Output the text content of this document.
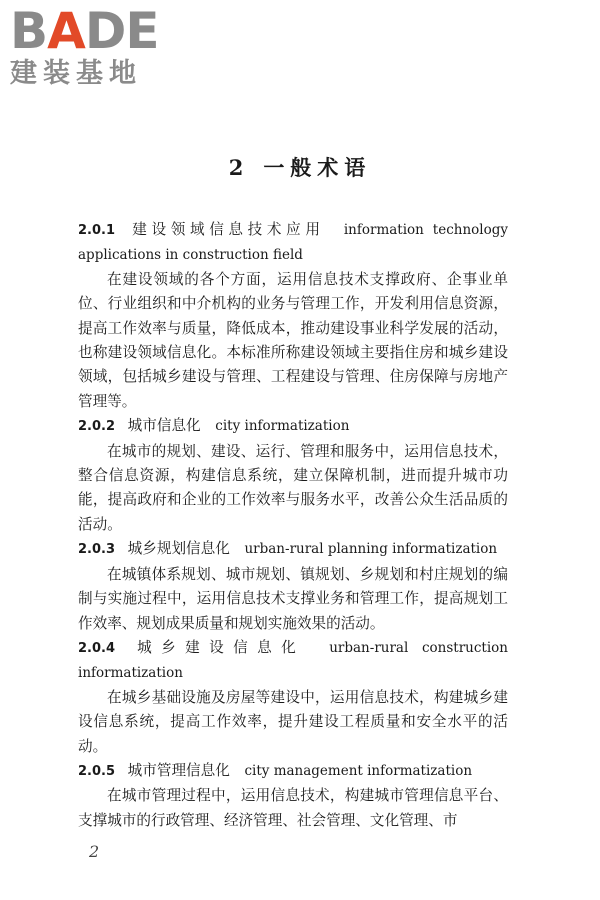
BADE
建装基地
2 一般术语

2.0.1 建设领域信息技术应用 information technology applications in construction field

在建设领域的各个方面，运用信息技术支撑政府、企事业单位、行业组织和中介机构的业务与管理工作，开发利用信息资源，提高工作效率与质量，降低成本，推动建设事业科学发展的活动，也称建设领域信息化。本标准所称建设领域主要指住房和城乡建设领域，包括城乡建设与管理、工程建设与管理、住房保障与房地产管理等。

2.0.2 城市信息化 city informatization

在城市的规划、建设、运行、管理和服务中，运用信息技术，整合信息资源，构建信息系统，建立保障机制，进而提升城市功能，提高政府和企业的工作效率与服务水平，改善公众生活品质的活动。

2.0.3 城乡规划信息化 urban-rural planning informatization

在城镇体系规划、城市规划、镇规划、乡规划和村庄规划的编制与实施过程中，运用信息技术支撑业务和管理工作，提高规划工作效率、规划成果质量和规划实施效果的活动。

2.0.4 城乡建设信息化 urban-rural construction informatization

在城乡基础设施及房屋等建设中，运用信息技术，构建城乡建设信息系统，提高工作效率，提升建设工程质量和安全水平的活动。

2.0.5 城市管理信息化 city management informatization

在城市管理过程中，运用信息技术，构建城市管理信息平台、支撑城市的行政管理、经济管理、社会管理、文化管理、市

2
